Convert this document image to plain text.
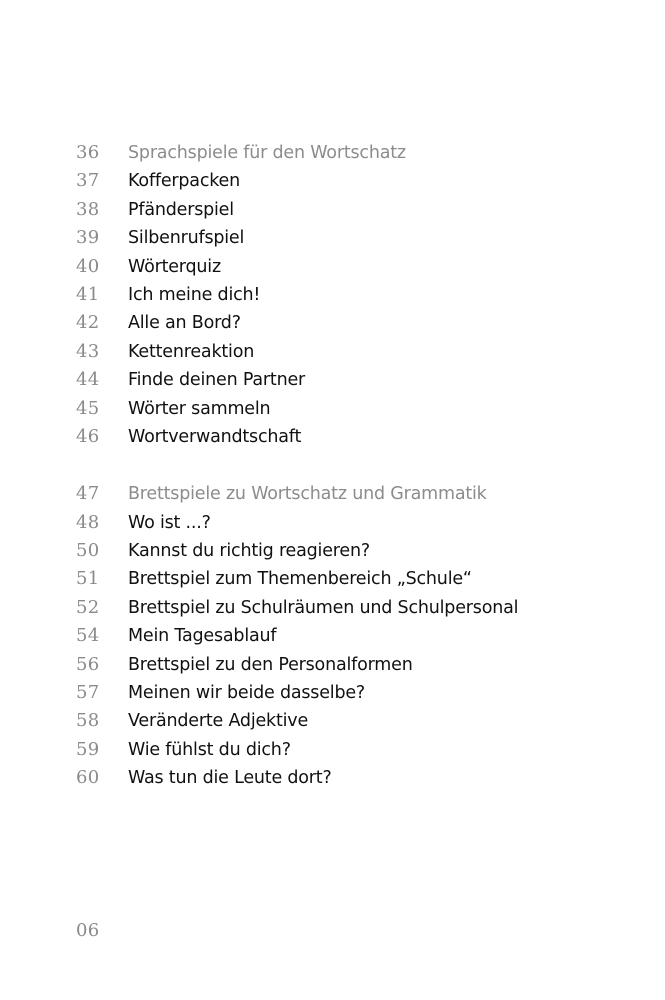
36	Sprachspiele für den Wortschatz
37	Kofferpacken
38	Pfänderspiel
39	Silbenrufspiel
40	Wörterquiz
41	Ich meine dich!
42	Alle an Bord?
43	Kettenreaktion
44	Finde deinen Partner
45	Wörter sammeln
46	Wortverwandtschaft
47	Brettspiele zu Wortschatz und Grammatik
48	Wo ist ...?
50	Kannst du richtig reagieren?
51	Brettspiel zum Themenbereich „Schule“
52	Brettspiel zu Schulräumen und Schulpersonal
54	Mein Tagesablauf
56	Brettspiel zu den Personalformen
57	Meinen wir beide dasselbe?
58	Veränderte Adjektive
59	Wie fühlst du dich?
60	Was tun die Leute dort?
06
